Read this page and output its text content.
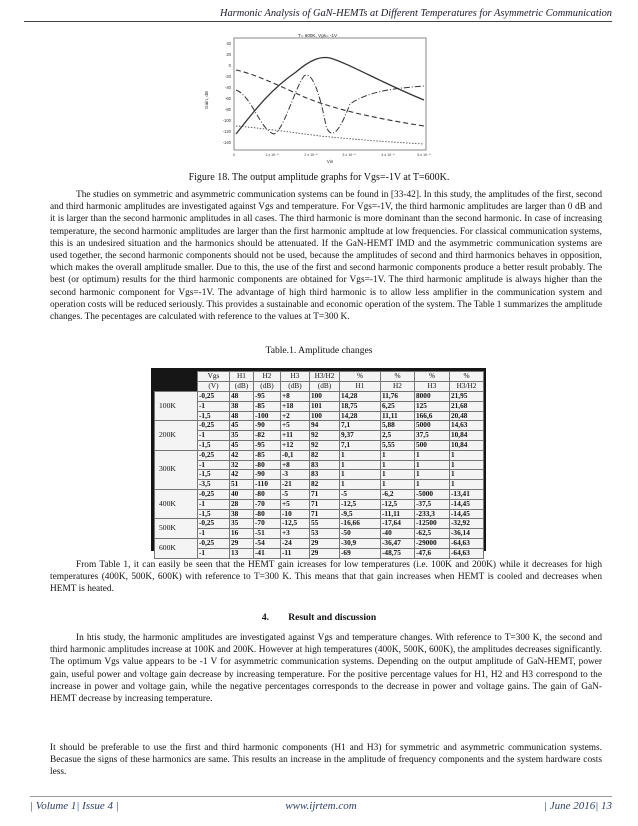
Harmonic Analysis of GaN-HEMTs at Different Temperatures for Asymmetric Communication
T= 600K, Vgs= -1V
40
20
0
-20
-40
-60
-80
-100
-120
-140
Gain, dB
0	1 x 10⁻⁴	2 x 10⁻⁴	3 x 10⁻⁴	4 x 10⁻⁴	5 x 10⁻⁴
Vin
Figure 18. The output amplitude graphs for Vgs=-1V at T=600K.

The studies on symmetric and asymmetric communication systems can be found in [33-42]. In this study, the amplitudes of the first, second and third harmonic amplitudes are investigated against Vgs and temperature. For Vgs=-1V, the third harmonic amplitudes are larger than 0 dB and it is larger than the second harmonic amplitudes in all cases. The third harmonic is more dominant than the second harmonic. In case of increasing temperature, the second harmonic amplitudes are larger than the first harmonic ampltude at low frequencies. For classical communication systems, this is an undesired situation and the harmonics should be attenuated. If the GaN-HEMT IMD and the asymmetric communication systems are used together, the second harmonic components should not be used, because the amplitudes of second and third harmonics behaves in opposition, which makes the overall amplitude smaller. Due to this, the use of the first and second harmonic components produce a better result probably. The best (or optimum) results for the third harmonic components are obtained for Vgs=-1V. The third harmonic amplitude is always higher than the second harmonic component for Vgs=-1V. The advantage of high third harmonic is to allow less amplifier in the communication system and operation costs will be reduced seriously. This provides a sustainable and economic operation of the system. The Table 1 summarizes the amplitude changes. The pecentages are calculated with reference to the values at T=300 K.

Table.1. Amplitude changes
	Vgs	H1	H2	H3	H3/H2	%	%	%	%
	(V)	(dB)	(dB)	(dB)	(dB)	H1	H2	H3	H3/H2
100K	-0,25	48	-95	+8	100	14,28	11,76	8000	21,95
	-1	38	-85	+18	101	18,75	6,25	125	21,68
	-1,5	48	-100	+2	100	14,28	11,11	166,6	20,48
200K	-0,25	45	-90	+5	94	7,1	5,88	5000	14,63
	-1	35	-82	+11	92	9,37	2,5	37,5	10,84
	-1,5	45	-95	+12	92	7,1	5,55	500	10,84
300K	-0,25	42	-85	-0,1	82	1	1	1	1
	-1	32	-80	+8	83	1	1	1	1
	-1,5	42	-90	-3	83	1	1	1	1
	-3,5	51	-110	-21	82	1	1	1	1
400K	-0,25	40	-80	-5	71	-5	-6,2	-5000	-13,41
	-1	28	-70	+5	71	-12,5	-12,5	-37,5	-14,45
	-1,5	38	-80	-10	71	-9,5	-11,11	-233,3	-14,45
500K	-0,25	35	-70	-12,5	55	-16,66	-17,64	-12500	-32,92
	-1	16	-51	+3	53	-50	-40	-62,5	-36,14
600K	-0,25	29	-54	-24	29	-30,9	-36,47	-29000	-64,63
	-1	13	-41	-11	29	-69	-48,75	-47,6	-64,63

From Table 1, it can easily be seen that the HEMT gain icreases for low temperatures (i.e. 100K and 200K) while it decreases for high temperatures (400K, 500K, 600K) with reference to T=300 K. This means that that gain increases when HEMT is cooled and decreases when HEMT is heated.

4. Result and discussion

In htis study, the harmonic amplitudes are investigated against Vgs and temperature changes. With reference to T=300 K, the second and third harmonic amplitudes increase at 100K and 200K. However at high temperatures (400K, 500K, 600K), the amplitudes decreases significantly. The optimum Vgs value appears to be -1 V for asymmetric communication systems. Depending on the output amplitude of GaN-HEMT, power gain, useful power and voltage gain decrease by increasing temperature. For the positive percentage values for H1, H2 and H3 correspond to the increase in power and voltage gain, while the negative percentages corresponds to the decrease in power and voltage gains. The gain of GaN-HEMT decrease by increasing temperature.

It should be preferable to use the first and third harmonic components (H1 and H3) for symmetric and asymmetric communication systems. Becasue the signs of these harmonics are same. This results an increase in the amplitude of frequency components and the system hardware costs less.

| Volume 1| Issue 4 |	www.ijrtem.com	| June 2016| 13
